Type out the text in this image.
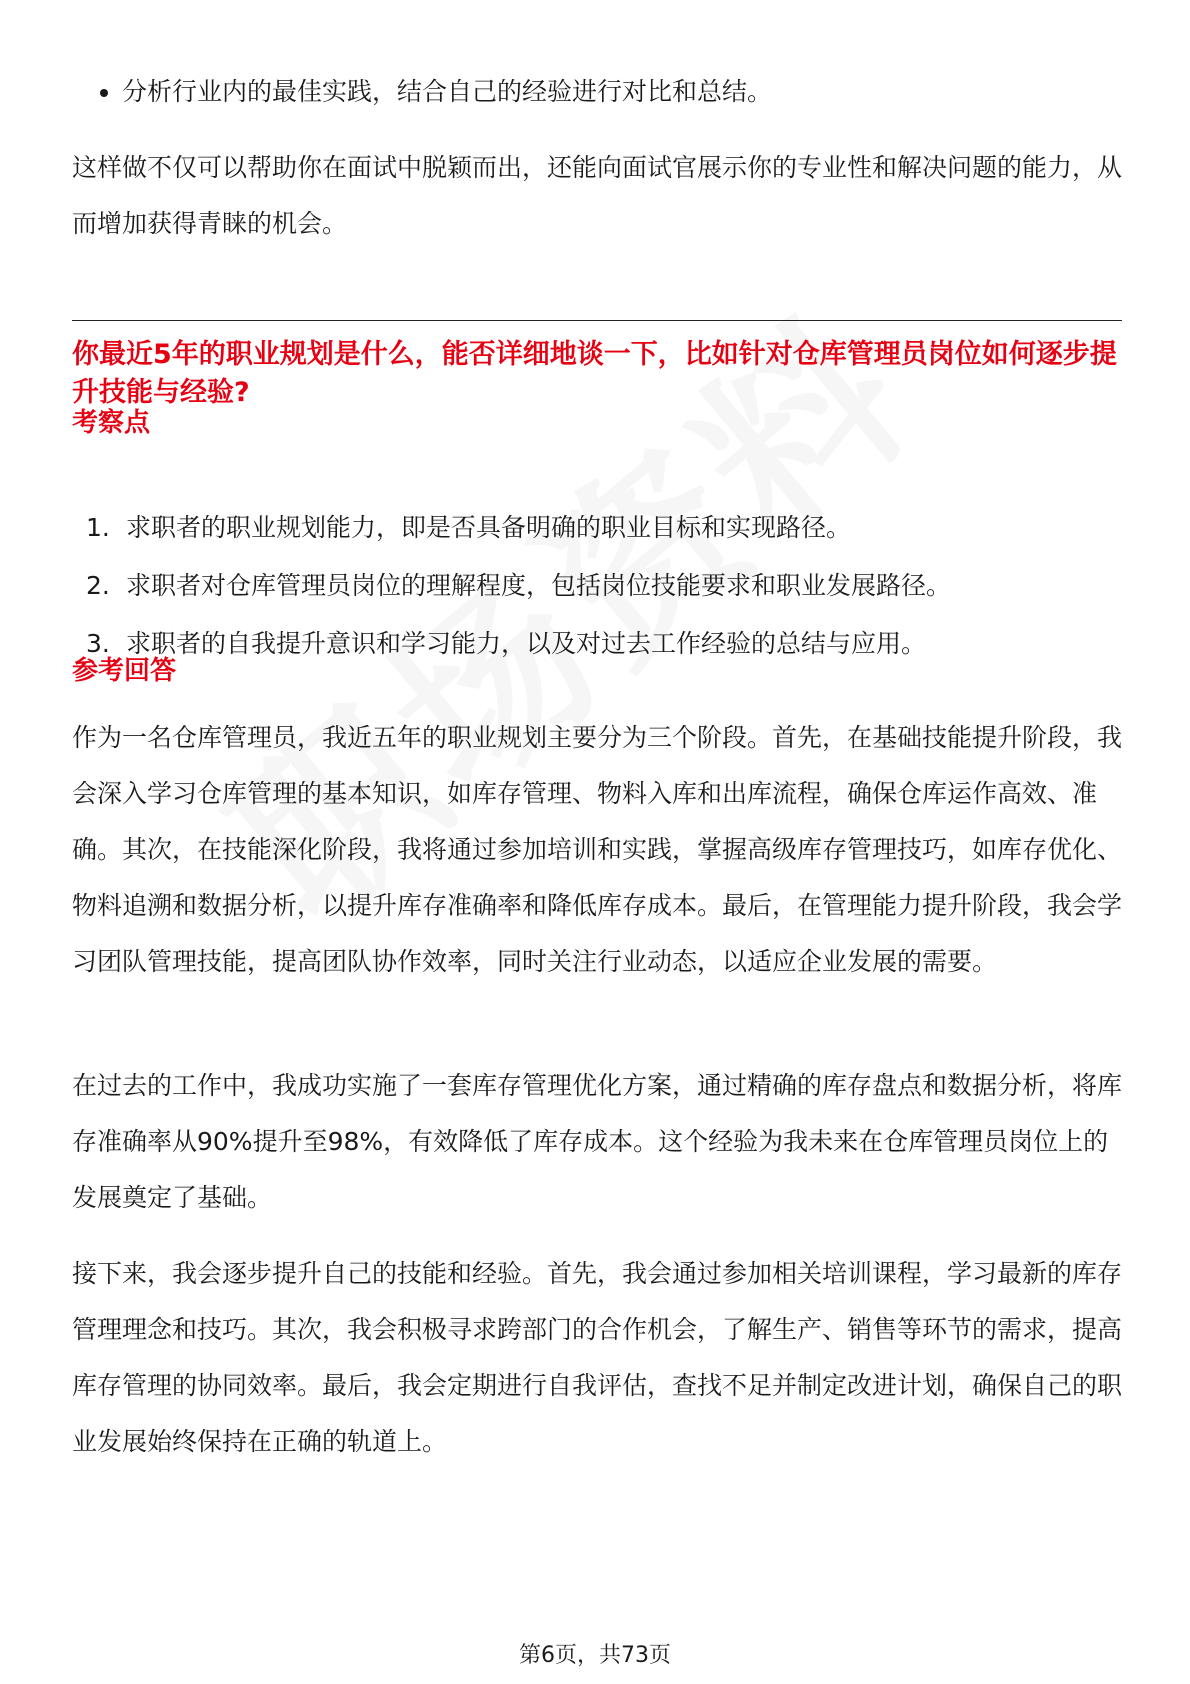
• 分析行业内的最佳实践，结合自己的经验进行对比和总结。

这样做不仅可以帮助你在面试中脱颖而出，还能向面试官展示你的专业性和解决问题的能力，从而增加获得青睐的机会。

你最近5年的职业规划是什么，能否详细地谈一下，比如针对仓库管理员岗位如何逐步提升技能与经验?
考察点
1. 求职者的职业规划能力，即是否具备明确的职业目标和实现路径。
2. 求职者对仓库管理员岗位的理解程度，包括岗位技能要求和职业发展路径。
3. 求职者的自我提升意识和学习能力，以及对过去工作经验的总结与应用。
参考回答

作为一名仓库管理员，我近五年的职业规划主要分为三个阶段。首先，在基础技能提升阶段，我会深入学习仓库管理的基本知识，如库存管理、物料入库和出库流程，确保仓库运作高效、准确。其次，在技能深化阶段，我将通过参加培训和实践，掌握高级库存管理技巧，如库存优化、物料追溯和数据分析，以提升库存准确率和降低库存成本。最后，在管理能力提升阶段，我会学习团队管理技能，提高团队协作效率，同时关注行业动态，以适应企业发展的需要。

在过去的工作中，我成功实施了一套库存管理优化方案，通过精确的库存盘点和数据分析，将库存准确率从90%提升至98%，有效降低了库存成本。这个经验为我未来在仓库管理员岗位上的发展奠定了基础。

接下来，我会逐步提升自己的技能和经验。首先，我会通过参加相关培训课程，学习最新的库存管理理念和技巧。其次，我会积极寻求跨部门的合作机会，了解生产、销售等环节的需求，提高库存管理的协同效率。最后，我会定期进行自我评估，查找不足并制定改进计划，确保自己的职业发展始终保持在正确的轨道上。

第6页，共73页
